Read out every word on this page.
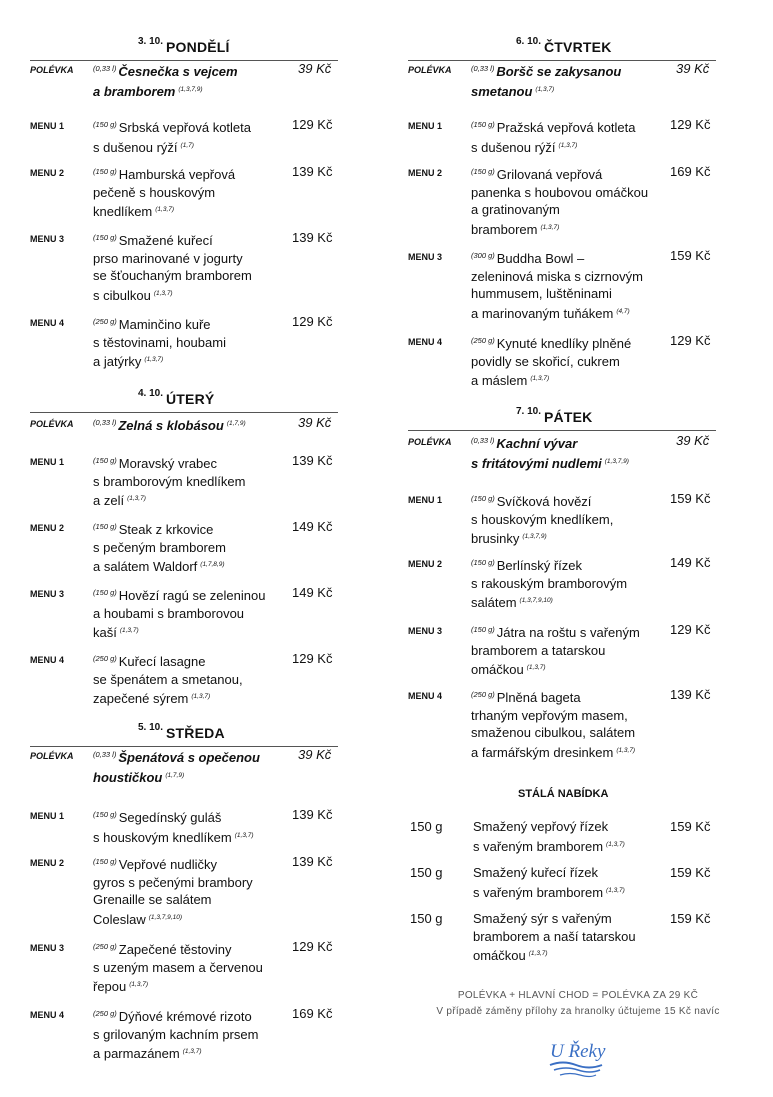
3. 10. PONDĚLÍ
POLÉVKA	$^{(0,33 l)}$ Česnečka s vejcem
a bramborem $^{(1,3,7,9)}$
39 Kč
MENU 1	$^{(150 g)}$ Srbská vepřová kotleta
s dušenou rýží $^{(1,7)}$
129 Kč
MENU 2	$^{(150 g)}$ Hamburská vepřová
pečeně s houskovým
knedlíkem $^{(1,3,7)}$
139 Kč
MENU 3	$^{(150 g)}$ Smažené kuřecí
prso marinované v jogurty
se šťouchaným bramborem
s cibulkou $^{(1,3,7)}$
139 Kč
MENU 4	$^{(250 g)}$ Maminčino kuře
s těstovinami, houbami
a jatýrky $^{(1,3,7)}$
129 Kč
4. 10. ÚTERÝ
POLÉVKA	$^{(0,33 l)}$ Zelná s klobásou $^{(1,7,9)}$	39 Kč
MENU 1	$^{(150 g)}$ Moravský vrabec
s bramborovým knedlíkem
a zelí $^{(1,3,7)}$
139 Kč
MENU 2	$^{(150 g)}$ Steak z krkovice
s pečeným bramborem
a salátem Waldorf $^{(1,7,8,9)}$
149 Kč
MENU 3	$^{(150 g)}$ Hovězí ragú se zeleninou
a houbami s bramborovou
kaší $^{(1,3,7)}$
149 Kč
MENU 4	$^{(250 g)}$ Kuřecí lasagne
se špenátem a smetanou,
zapečené sýrem $^{(1,3,7)}$
129 Kč
5. 10. STŘEDA
POLÉVKA	$^{(0,33 l)}$ Špenátová s opečenou
houstičkou $^{(1,7,9)}$
39 Kč
MENU 1	$^{(150 g)}$ Segedínský guláš
s houskovým knedlíkem $^{(1,3,7)}$
139 Kč
MENU 2	$^{(150 g)}$ Vepřové nudličky
gyros s pečenými brambory
Grenaille se salátem
Coleslaw $^{(1,3,7,9,10)}$
139 Kč
MENU 3	$^{(250 g)}$ Zapečené těstoviny
s uzeným masem a červenou
řepou $^{(1,3,7)}$
129 Kč
MENU 4	$^{(250 g)}$ Dýňové krémové rizoto
s grilovaným kachním prsem
a parmazánem $^{(1,3,7)}$
169 Kč
6. 10. ČTVRTEK
POLÉVKA	$^{(0,33 l)}$ Boršč se zakysanou
smetanou $^{(1,3,7)}$
39 Kč
MENU 1	$^{(150 g)}$ Pražská vepřová kotleta
s dušenou rýží $^{(1,3,7)}$
129 Kč
MENU 2	$^{(150 g)}$ Grilovaná vepřová
panenka s houbovou omáčkou
a gratinovaným
bramborem $^{(1,3,7)}$
169 Kč
MENU 3	$^{(300 g)}$ Buddha Bowl –
zeleninová miska s cizrnovým
hummusem, luštěninami
a marinovaným tuňákem $^{(4,7)}$
159 Kč
MENU 4	$^{(250 g)}$ Kynuté knedlíky plněné
povidly se skořicí, cukrem
a máslem $^{(1,3,7)}$
129 Kč
7. 10. PÁTEK
POLÉVKA	$^{(0,33 l)}$ Kachní vývar
s fritátovými nudlemi $^{(1,3,7,9)}$
39 Kč
MENU 1	$^{(150 g)}$ Svíčková hovězí
s houskovým knedlíkem,
brusinky $^{(1,3,7,9)}$
159 Kč
MENU 2	$^{(150 g)}$ Berlínský řízek
s rakouským bramborovým
salátem $^{(1,3,7,9,10)}$
149 Kč
MENU 3	$^{(150 g)}$ Játra na roštu s vařeným
bramborem a tatarskou
omáčkou $^{(1,3,7)}$
129 Kč
MENU 4	$^{(250 g)}$ Plněná bageta
trhaným vepřovým masem,
smaženou cibulkou, salátem
a farmářským dresinkem $^{(1,3,7)}$
139 Kč
STÁLÁ NABÍDKA
150 g Smažený vepřový řízek
s vařeným bramborem $^{(1,3,7)}$
159 Kč
150 g Smažený kuřecí řízek
s vařeným bramborem $^{(1,3,7)}$
159 Kč
150 g Smažený sýr s vařeným
bramborem a naší tatarskou
omáčkou $^{(1,3,7)}$
159 Kč
POLÉVKA + HLAVNÍ CHOD = POLÉVKA ZA 29 KČ
V případě záměny přílohy za hranolky účtujeme 15 Kč navíc
U Řeky
